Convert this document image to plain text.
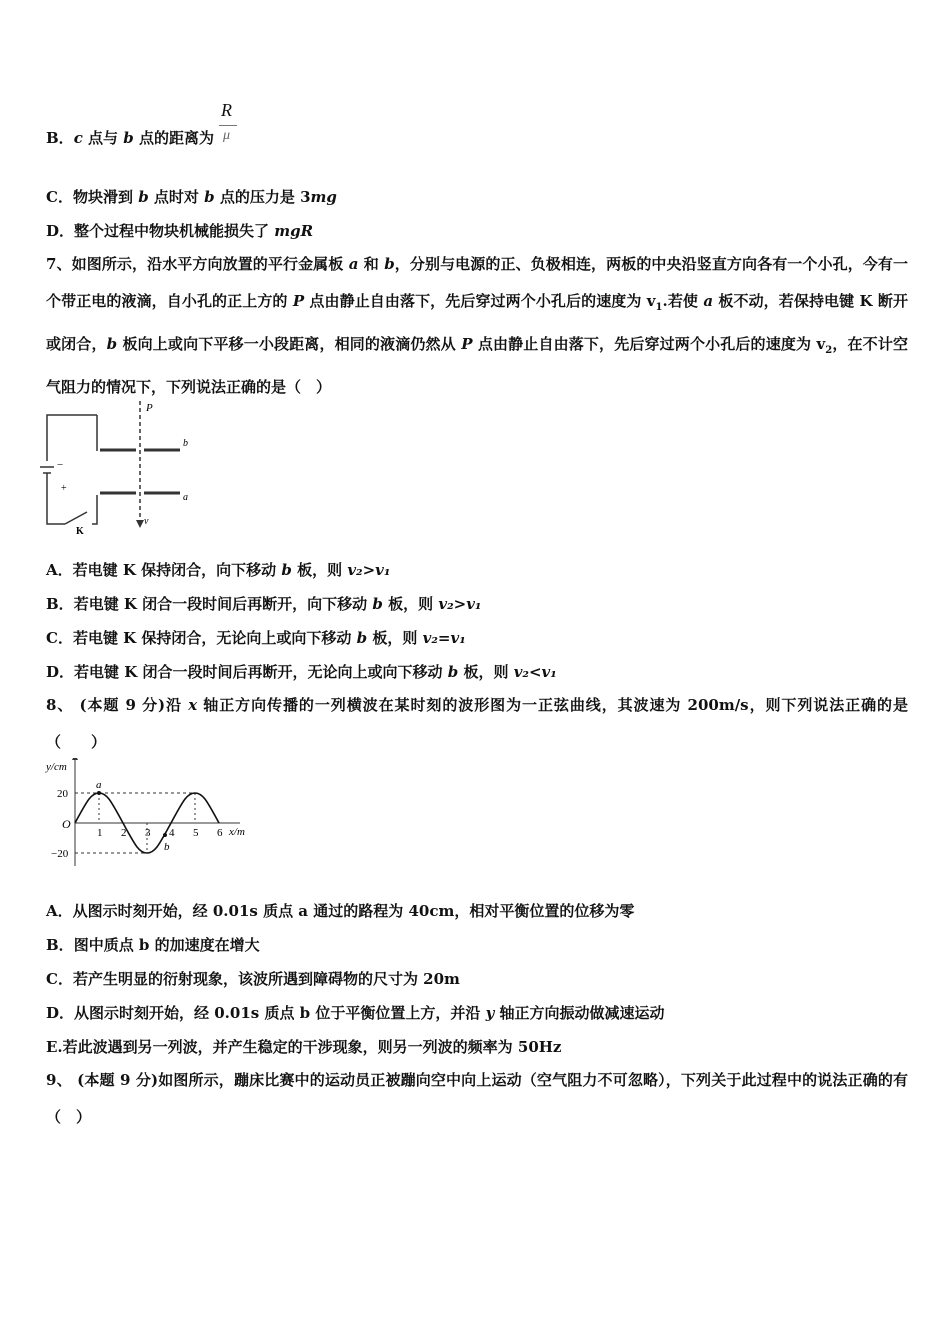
B．c 点与 b 点的距离为
R
μ
C．物块滑到 b 点时对 b 点的压力是 3mg
D．整个过程中物块机械能损失了 mgR
7、如图所示，沿水平方向放置的平行金属板 a 和 b，分别与电源的正、负极相连，两板的中央沿竖直方向各有一个小孔，今有一个带正电的液滴，自小孔的正上方的 P 点由静止自由落下，先后穿过两个小孔后的速度为 $v_1$.若使 a 板不动，若保持电键 K 断开或闭合，b 板向上或向下平移一小段距离，相同的液滴仍然从 P 点由静止自由落下，先后穿过两个小孔后的速度为 $v_2$，在不计空气阻力的情况下，下列说法正确的是（　）
P
b
a
v
K
−
+
A．若电键 K 保持闭合，向下移动 b 板，则 v₂>v₁
B．若电键 K 闭合一段时间后再断开，向下移动 b 板，则 v₂>v₁
C．若电键 K 保持闭合，无论向上或向下移动 b 板，则 v₂=v₁
D．若电键 K 闭合一段时间后再断开，无论向上或向下移动 b 板，则 v₂<v₁
8、 (本题 9 分)沿 x 轴正方向传播的一列横波在某时刻的波形图为一正弦曲线，其波速为 200m/s，则下列说法正确的是（　　）
y/cm
x/m
O
20
−20
1 2 3 4 5 6
a
b
A．从图示时刻开始，经 0.01s 质点 a 通过的路程为 40cm，相对平衡位置的位移为零
B．图中质点 b 的加速度在增大
C．若产生明显的衍射现象，该波所遇到障碍物的尺寸为 20m
D．从图示时刻开始，经 0.01s 质点 b 位于平衡位置上方，并沿 y 轴正方向振动做减速运动
E.若此波遇到另一列波，并产生稳定的干涉现象，则另一列波的频率为 50Hz
9、 (本题 9 分)如图所示，蹦床比赛中的运动员正被蹦向空中向上运动（空气阻力不可忽略），下列关于此过程中的说法正确的有（　）
